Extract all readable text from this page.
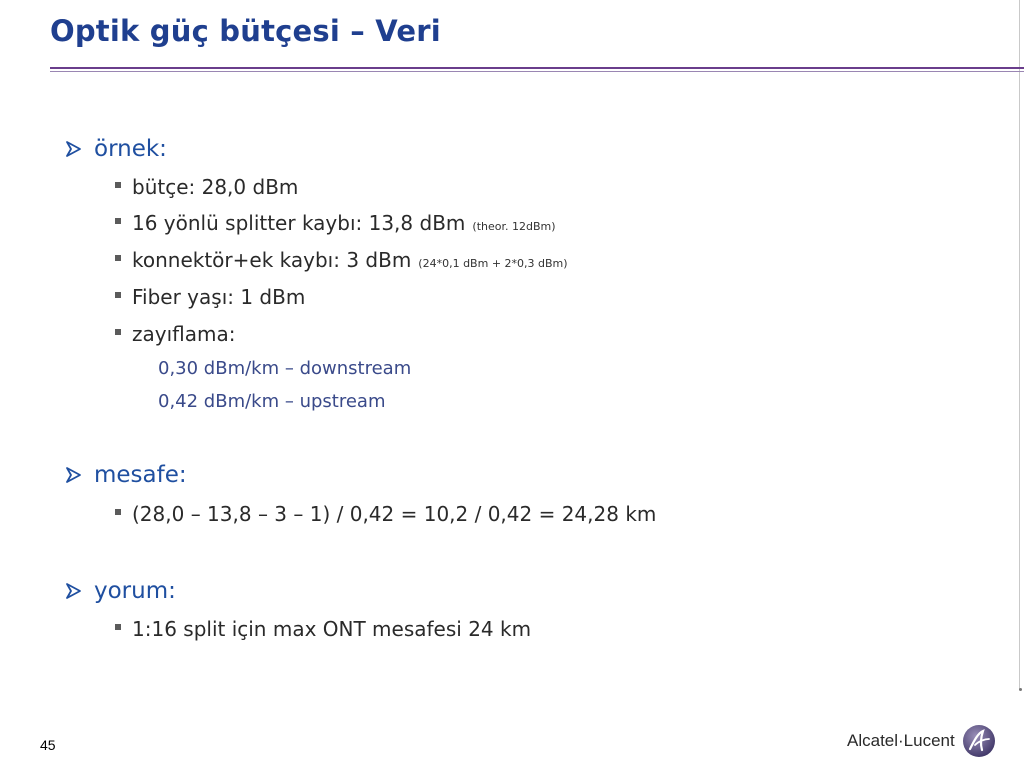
Optik güç bütçesi – Veri
örnek:
bütçe: 28,0 dBm
16 yönlü splitter kaybı: 13,8 dBm (theor. 12dBm)
konnektör+ek kaybı: 3 dBm (24*0,1 dBm + 2*0,3 dBm)
Fiber yaşı: 1 dBm
zayıflama:
0,30 dBm/km – downstream
0,42 dBm/km – upstream
mesafe:
(28,0 – 13,8 – 3 – 1) / 0,42 = 10,2 / 0,42 = 24,28 km
yorum:
1:16 split için max ONT mesafesi 24 km
45	Alcatel·Lucent
